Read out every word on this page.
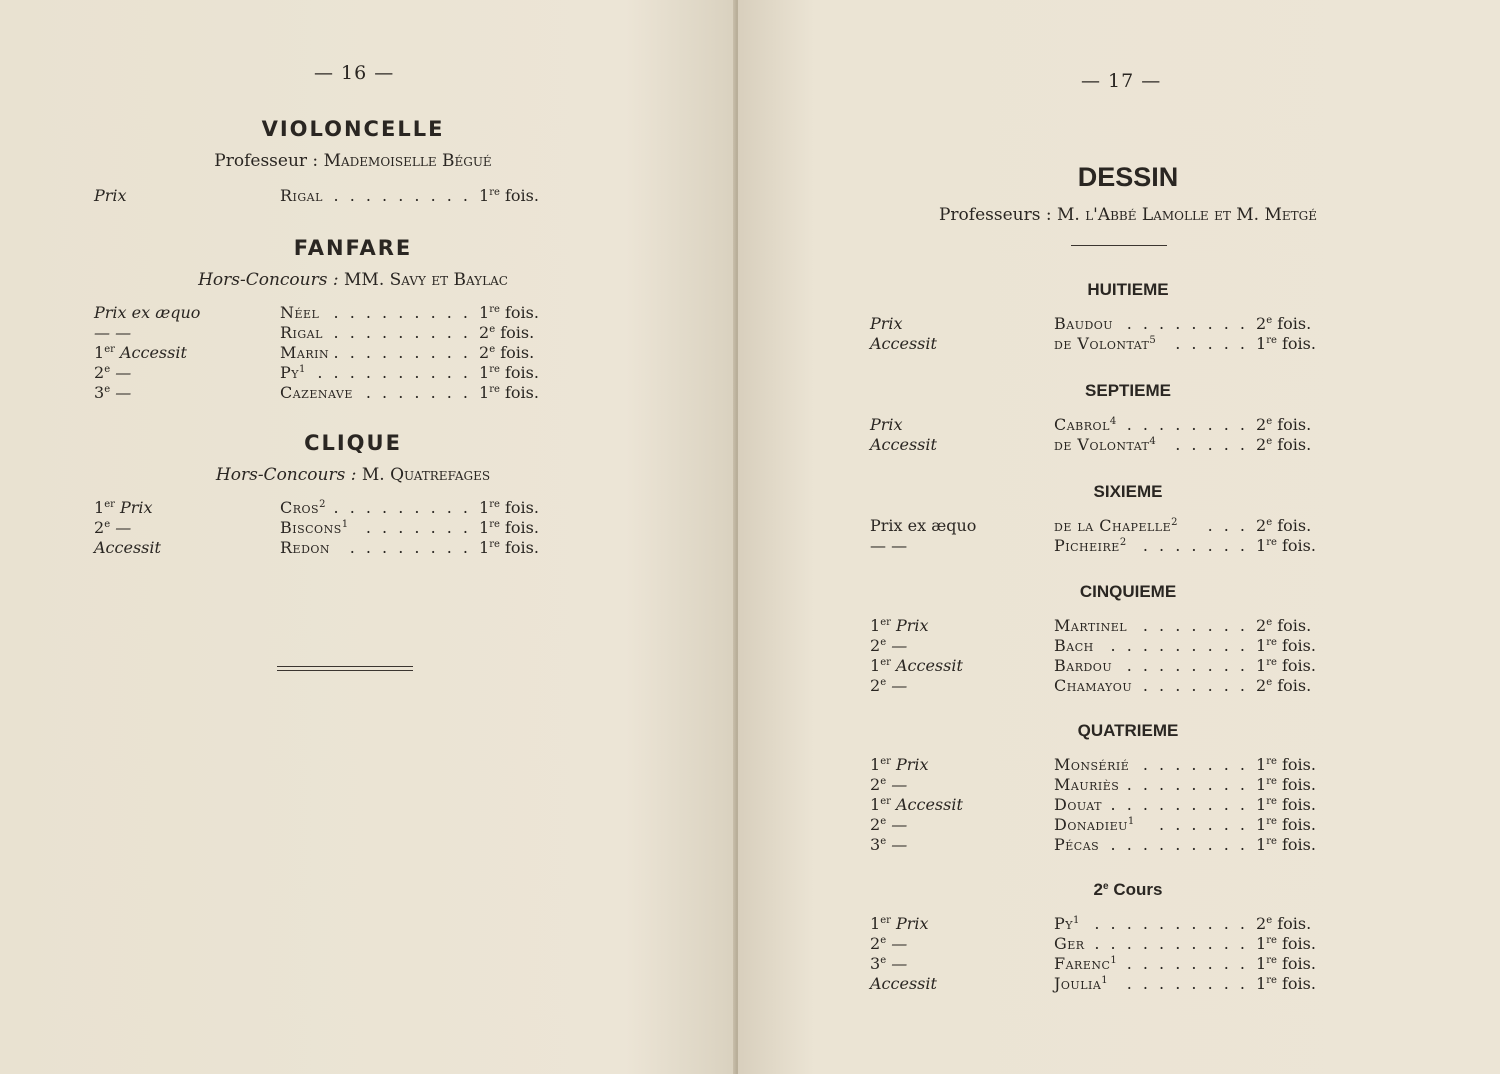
— 16 —
VIOLONCELLE
Professeur : Mademoiselle Bégué
Prix	Rigal . . . . . . . . . 1re fois.
FANFARE
Hors-Concours : MM. Savy et Baylac
Prix ex æquo	Néel . . . . . . . . . 1re fois.
— —	Rigal . . . . . . . . . 2e fois.
1er Accessit	Marin . . . . . . . . . 2e fois.
2e —	Py$^1$ . . . . . . . . . . 1re fois.
3e —	Cazenave . . . . . . . 1re fois.
CLIQUE
Hors-Concours : M. Quatrefages
1er Prix	Cros$^2$ . . . . . . . . . 1re fois.
2e —	Biscons$^1$ . . . . . . . 1re fois.
Accessit	Redon . . . . . . . . 1re fois.
— 17 —
DESSIN
Professeurs : M. l'Abbé Lamolle et M. Metgé
HUITIEME
Prix	Baudou . . . . . . . . 2e fois.
Accessit	de Volontat$^5$ . . . . . 1re fois.
SEPTIEME
Prix	Cabrol$^4$ . . . . . . . . 2e fois.
Accessit	de Volontat$^4$ . . . . . 2e fois.
SIXIEME
Prix ex æquo	de la Chapelle$^2$ . . . 2e fois.
— —	Picheire$^2$ . . . . . . . 1re fois.
CINQUIEME
1er Prix	Martinel . . . . . . . 2e fois.
2e —	Bach . . . . . . . . . 1re fois.
1er Accessit	Bardou . . . . . . . . 1re fois.
2e —	Chamayou . . . . . . . 2e fois.
QUATRIEME
1er Prix	Monsérié . . . . . . . 1re fois.
2e —	Mauriès . . . . . . . . 1re fois.
1er Accessit	Douat . . . . . . . . . 1re fois.
2e —	Donadieu$^1$ . . . . . . 1re fois.
3e —	Pécas . . . . . . . . . 1re fois.
2e Cours
1er Prix	Py$^1$ . . . . . . . . . . 2e fois.
2e —	Ger . . . . . . . . . . 1re fois.
3e —	Farenc$^1$ . . . . . . . . 1re fois.
Accessit	Joulia$^1$ . . . . . . . . 1re fois.
